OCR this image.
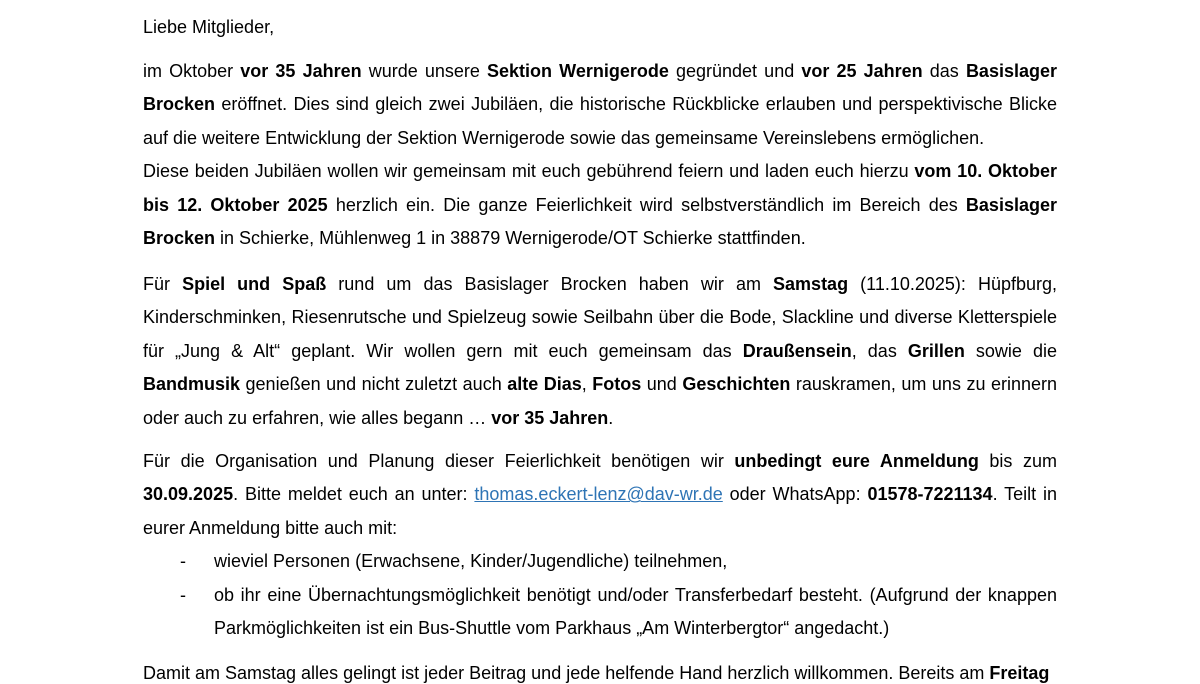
Liebe Mitglieder,

im Oktober vor 35 Jahren wurde unsere Sektion Wernigerode gegründet und vor 25 Jahren das Basislager Brocken eröffnet. Dies sind gleich zwei Jubiläen, die historische Rückblicke erlauben und perspektivische Blicke auf die weitere Entwicklung der Sektion Wernigerode sowie das gemeinsame Vereinslebens ermöglichen.

Diese beiden Jubiläen wollen wir gemeinsam mit euch gebührend feiern und laden euch hierzu vom 10. Oktober bis 12. Oktober 2025 herzlich ein. Die ganze Feierlichkeit wird selbstverständlich im Bereich des Basislager Brocken in Schierke, Mühlenweg 1 in 38879 Wernigerode/OT Schierke stattfinden.

Für Spiel und Spaß rund um das Basislager Brocken haben wir am Samstag (11.10.2025): Hüpfburg, Kinderschminken, Riesenrutsche und Spielzeug sowie Seilbahn über die Bode, Slackline und diverse Kletterspiele für „Jung & Alt“ geplant. Wir wollen gern mit euch gemeinsam das Draußensein, das Grillen sowie die Bandmusik genießen und nicht zuletzt auch alte Dias, Fotos und Geschichten rauskramen, um uns zu erinnern oder auch zu erfahren, wie alles begann … vor 35 Jahren.

Für die Organisation und Planung dieser Feierlichkeit benötigen wir unbedingt eure Anmeldung bis zum 30.09.2025. Bitte meldet euch an unter: thomas.eckert-lenz@dav-wr.de oder WhatsApp: 01578-7221134. Teilt in eurer Anmeldung bitte auch mit:

- wieviel Personen (Erwachsene, Kinder/Jugendliche) teilnehmen,
- ob ihr eine Übernachtungsmöglichkeit benötigt und/oder Transferbedarf besteht. (Aufgrund der knappen Parkmöglichkeiten ist ein Bus-Shuttle vom Parkhaus „Am Winterbergtor“ angedacht.)

Damit am Samstag alles gelingt ist jeder Beitrag und jede helfende Hand herzlich willkommen. Bereits am Freitag
